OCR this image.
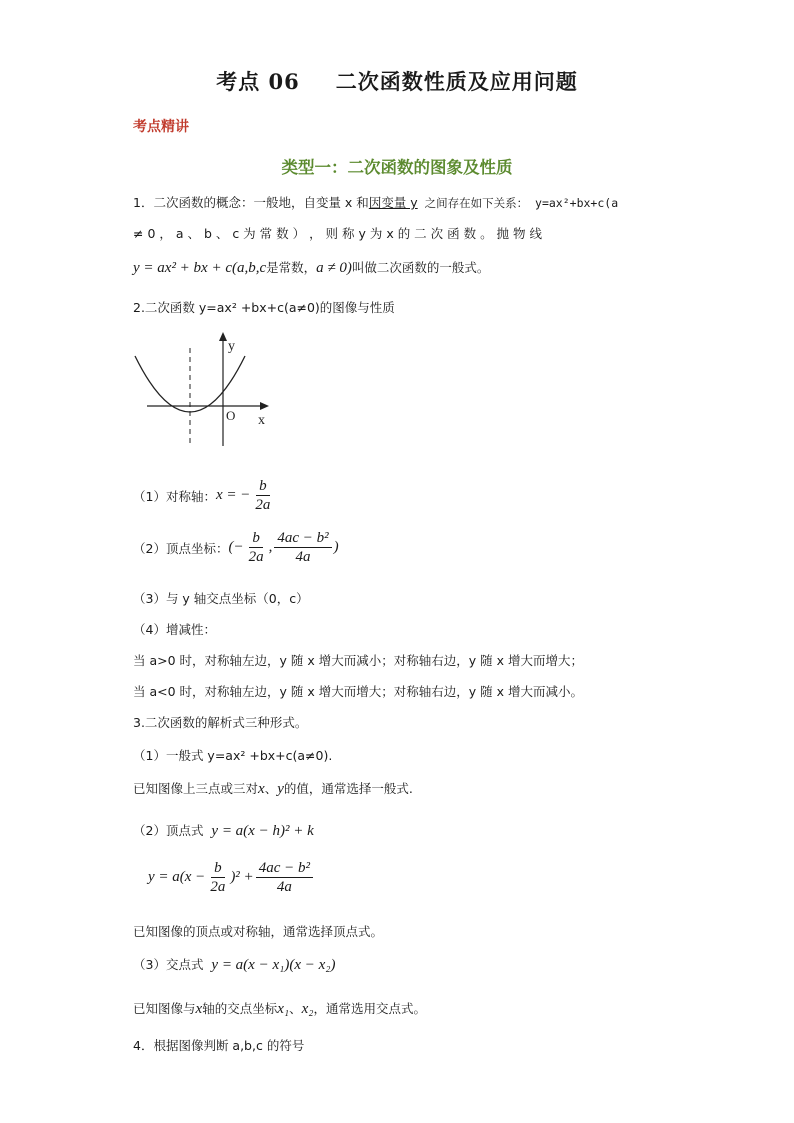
考点 06 二次函数性质及应用问题
考点精讲
类型一：二次函数的图象及性质
1．二次函数的概念：一般地，自变量 x 和因变量 y 之间存在如下关系： y=ax²+bx+c(a
≠ 0 ， a 、 b 、 c 为 常 数 ） ， 则 称 y 为 x 的 二 次 函 数 。 抛 物 线
y = ax² + bx + c(a,b,c是常数，a ≠ 0)叫做二次函数的一般式。
2.二次函数 y=ax² +bx+c(a≠0)的图像与性质
y
x
O
（1）对称轴： x = − $\frac{b}{2a}$
（2）顶点坐标： (− $\frac{b}{2a}$ , $\frac{\text{4ac − b²}}{4a}$ )
（3）与 y 轴交点坐标（0，c）
（4）增减性：
当 a>0 时，对称轴左边，y 随 x 增大而减小；对称轴右边，y 随 x 增大而增大；
当 a<0 时，对称轴左边，y 随 x 增大而增大；对称轴右边，y 随 x 增大而减小。
3.二次函数的解析式三种形式。
（1）一般式 y=ax² +bx+c(a≠0).
已知图像上三点或三对x、y的值，通常选择一般式.
（2）顶点式 y = a(x − h)² + k
$y = a(x - \frac{b}{2a} )^2 + \frac{\text{4ac − b²}}{4a}$
已知图像的顶点或对称轴，通常选择顶点式。
（3）交点式 y = a(x − x₁)(x − x₂)
已知图像与x轴的交点坐标x₁、x₂，通常选用交点式。
4．根据图像判断 a,b,c 的符号
